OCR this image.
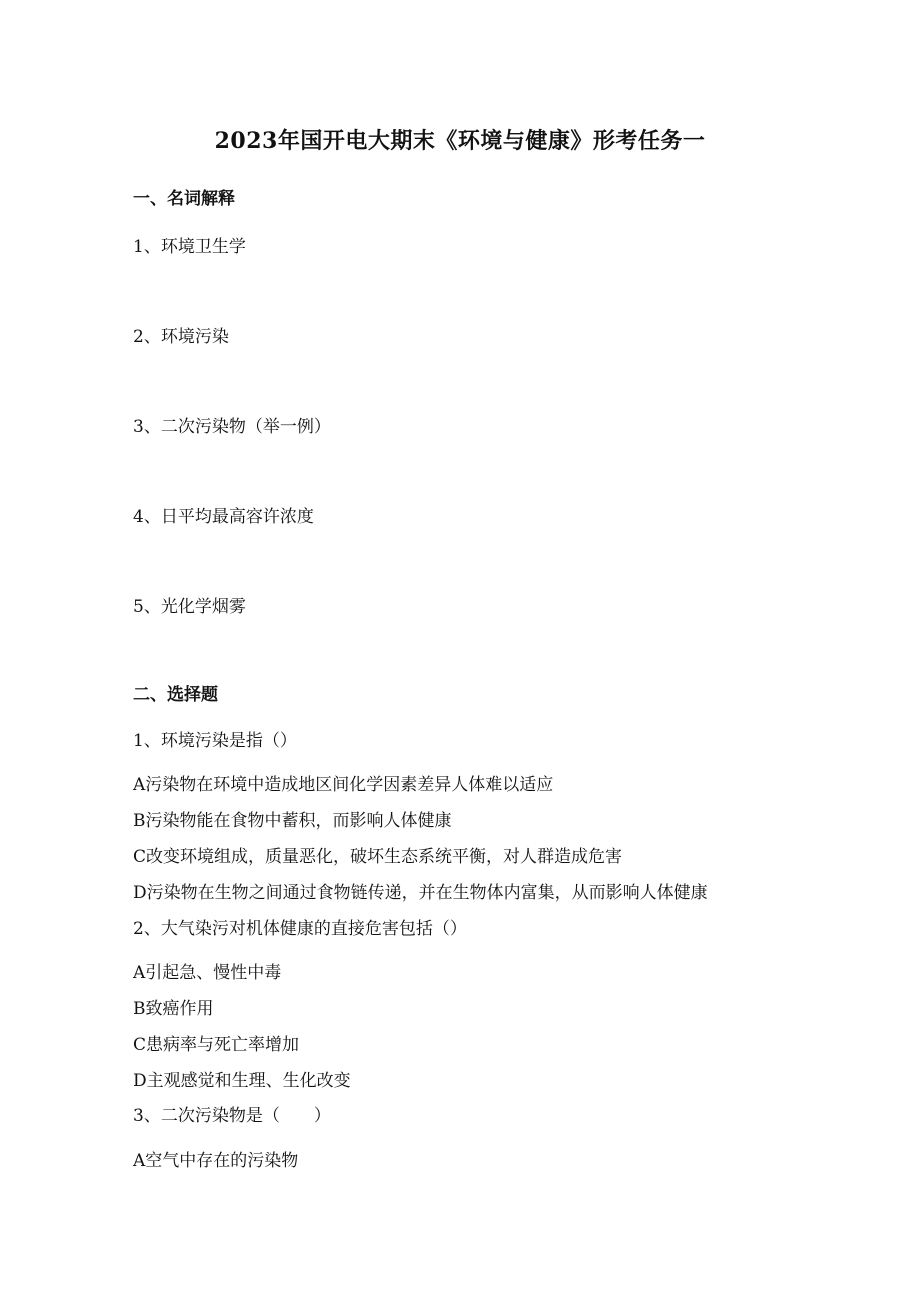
2023年国开电大期末《环境与健康》形考任务一
一、名词解释
1、环境卫生学
2、环境污染
3、二次污染物（举一例）
4、日平均最高容许浓度
5、光化学烟雾
二、选择题
1、环境污染是指（）
A污染物在环境中造成地区间化学因素差异人体难以适应
B污染物能在食物中蓄积，而影响人体健康
C改变环境组成，质量恶化，破坏生态系统平衡，对人群造成危害
D污染物在生物之间通过食物链传递，并在生物体内富集，从而影响人体健康
2、大气染污对机体健康的直接危害包括（）
A引起急、慢性中毒
B致癌作用
C患病率与死亡率增加
D主观感觉和生理、生化改变
3、二次污染物是（　　）
A空气中存在的污染物
